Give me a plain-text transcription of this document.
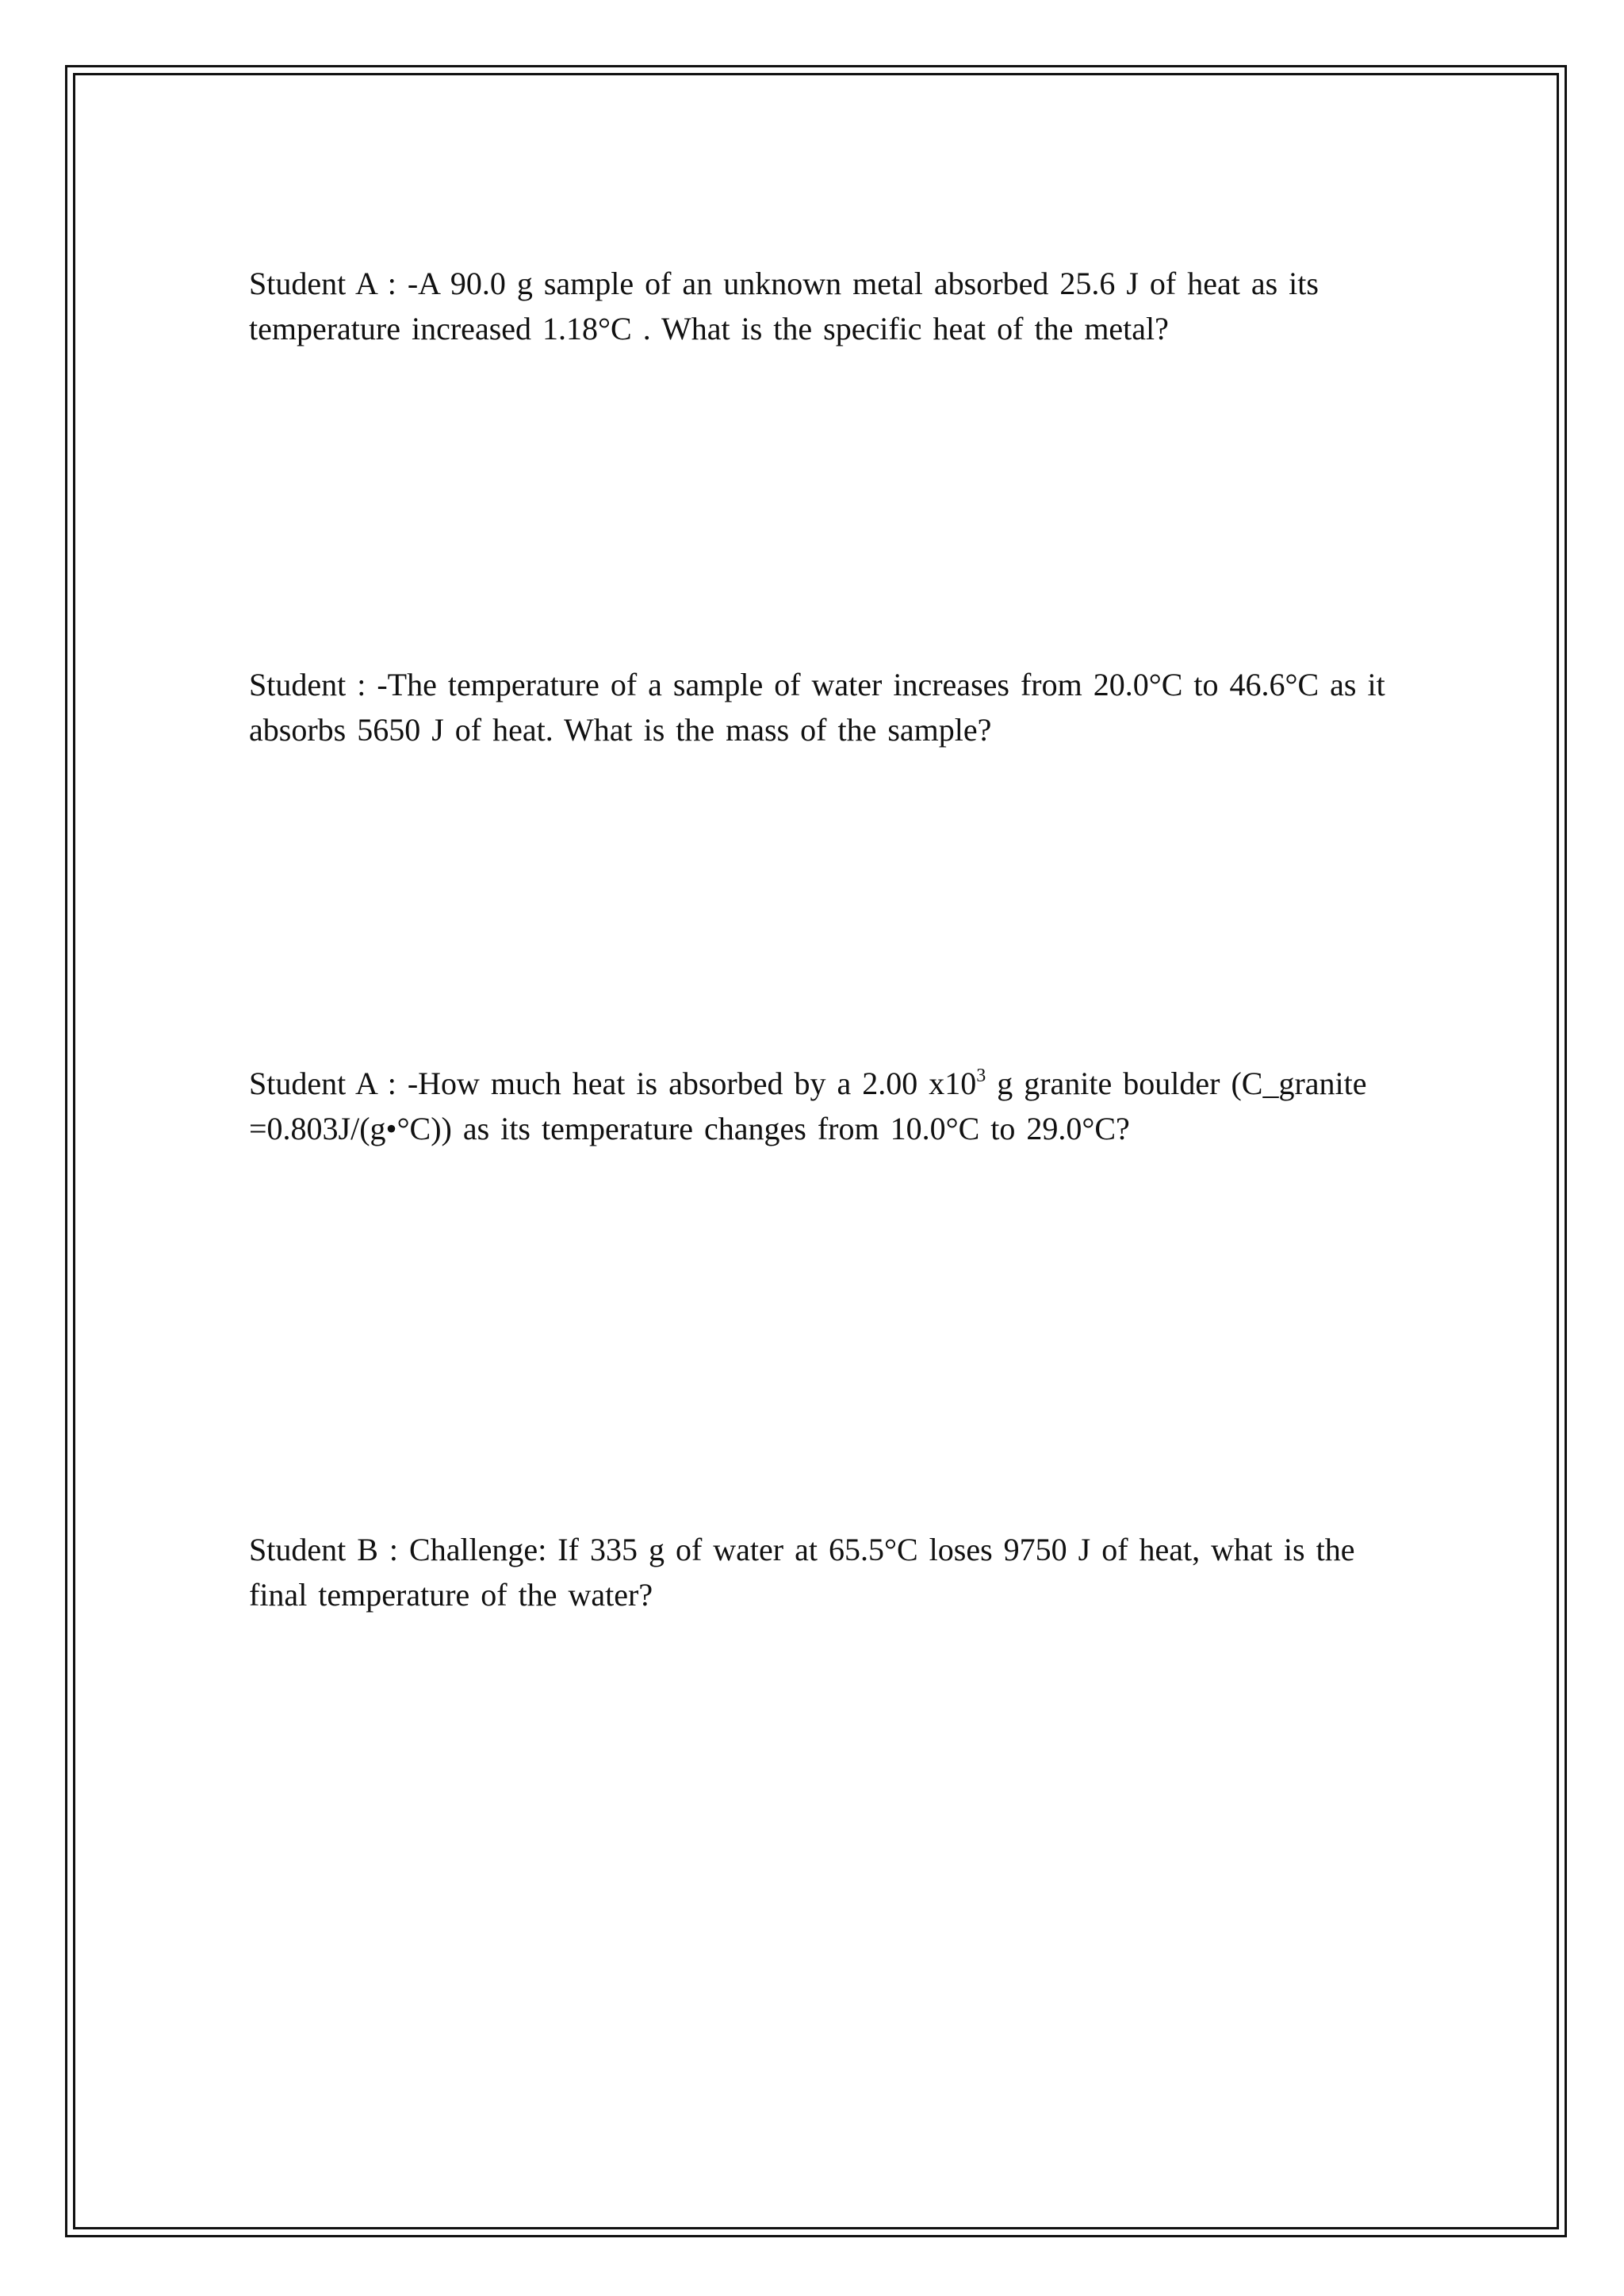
Student A : -A 90.0 g sample of an unknown metal absorbed 25.6 J of heat as its
temperature increased 1.18°C . What is the specific heat of the metal?

Student : -The temperature of a sample of water increases from 20.0°C to 46.6°C as it
absorbs 5650 J of heat. What is the mass of the sample?

Student A : -How much heat is absorbed by a 2.00 $x10^3$ g granite boulder (C_granite
=0.803J/(g•°C)) as its temperature changes from 10.0°C to 29.0°C?

Student B : Challenge: If 335 g of water at 65.5°C loses 9750 J of heat, what is the
final temperature of the water?
